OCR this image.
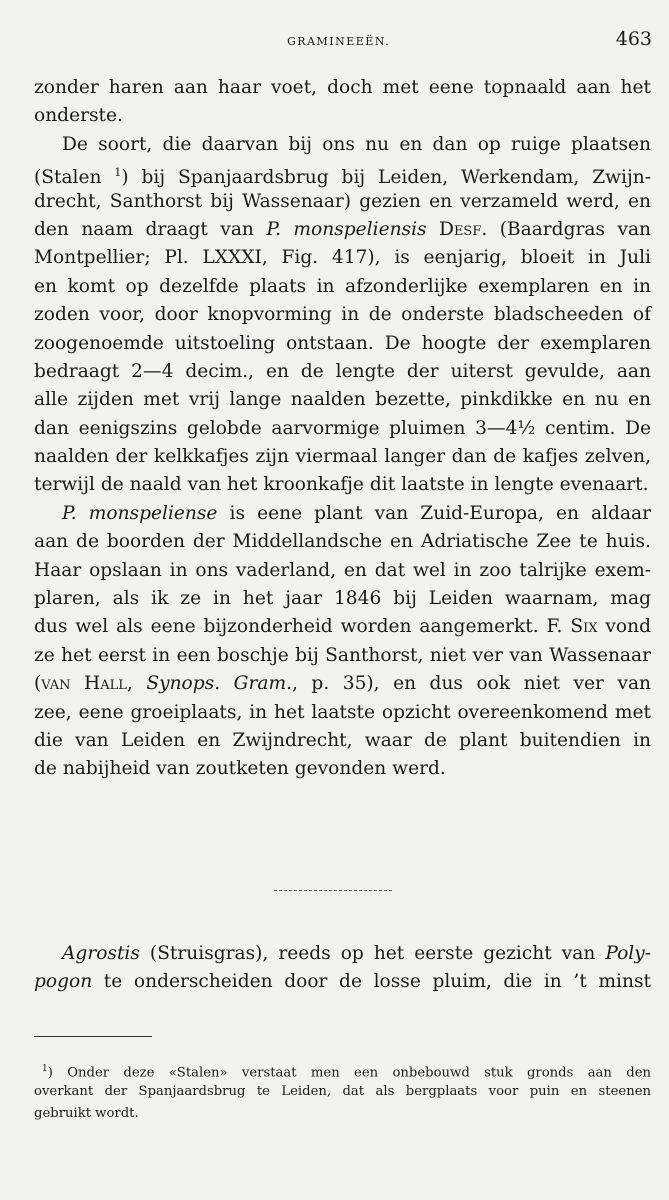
GRAMINEEËN.	463
zonder haren aan haar voet, doch met eene topnaald aan het
onderste.
De soort, die daarvan bij ons nu en dan op ruige plaatsen
(Stalen $^1$) bij Spanjaardsbrug bij Leiden, Werkendam, Zwijn-
drecht, Santhorst bij Wassenaar) gezien en verzameld werd, en
den naam draagt van P. monspeliensis Desf. (Baardgras van
Montpellier; Pl. LXXXI, Fig. 417), is eenjarig, bloeit in Juli
en komt op dezelfde plaats in afzonderlijke exemplaren en in
zoden voor, door knopvorming in de onderste bladscheeden of
zoogenoemde uitstoeling ontstaan. De hoogte der exemplaren
bedraagt 2—4 decim., en de lengte der uiterst gevulde, aan
alle zijden met vrij lange naalden bezette, pinkdikke en nu en
dan eenigszins gelobde aarvormige pluimen 3—4½ centim. De
naalden der kelkkafjes zijn viermaal langer dan de kafjes zelven,
terwijl de naald van het kroonkafje dit laatste in lengte evenaart.
P. monspeliense is eene plant van Zuid-Europa, en aldaar
aan de boorden der Middellandsche en Adriatische Zee te huis.
Haar opslaan in ons vaderland, en dat wel in zoo talrijke exem-
plaren, als ik ze in het jaar 1846 bij Leiden waarnam, mag
dus wel als eene bijzonderheid worden aangemerkt. F. Six vond
ze het eerst in een boschje bij Santhorst, niet ver van Wassenaar
(van Hall, Synops. Gram., p. 35), en dus ook niet ver van
zee, eene groeiplaats, in het laatste opzicht overeenkomend met
die van Leiden en Zwijndrecht, waar de plant buitendien in
de nabijheid van zoutketen gevonden werd.
Agrostis (Struisgras), reeds op het eerste gezicht van Poly-
pogon te onderscheiden door de losse pluim, die in ’t minst
$^1$) Onder deze «Stalen» verstaat men een onbebouwd stuk gronds aan den
overkant der Spanjaardsbrug te Leiden, dat als bergplaats voor puin en steenen
gebruikt wordt.
